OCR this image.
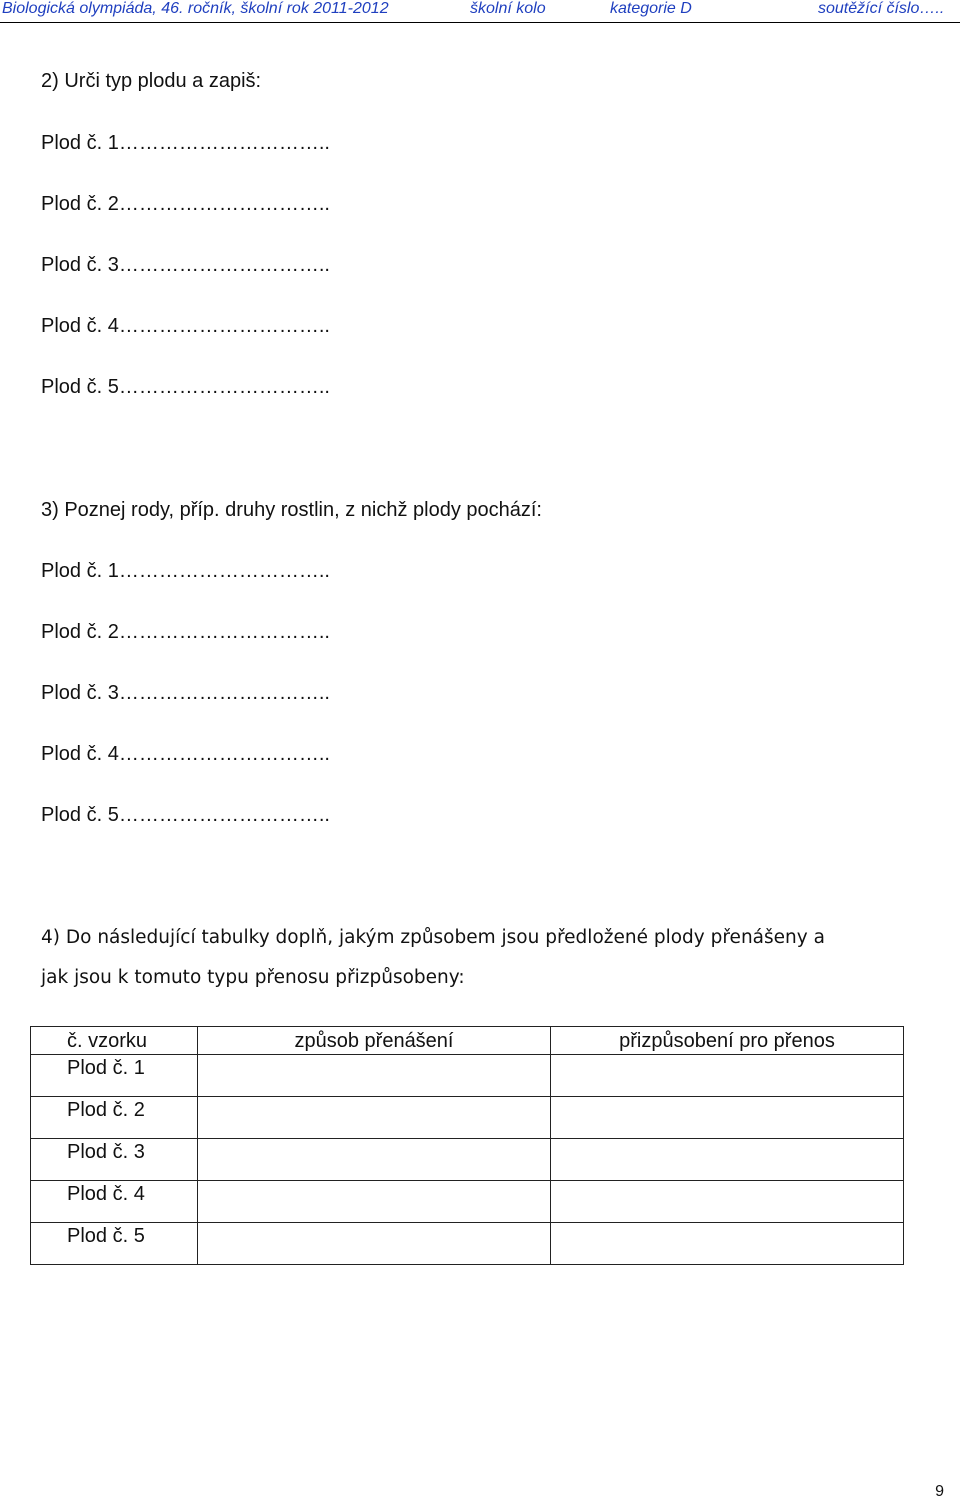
Biologická olympiáda, 46. ročník, školní rok 2011-2012	školní kolo	kategorie D	soutěžící číslo…..
2) Urči typ plodu a zapiš:
Plod č. 1…………………………..
Plod č. 2…………………………..
Plod č. 3…………………………..
Plod č. 4…………………………..
Plod č. 5…………………………..
3) Poznej rody, příp. druhy rostlin, z nichž plody pochází:
Plod č. 1…………………………..
Plod č. 2…………………………..
Plod č. 3…………………………..
Plod č. 4…………………………..
Plod č. 5…………………………..
4) Do následující tabulky doplň, jakým způsobem jsou předložené plody přenášeny a
jak jsou k tomuto typu přenosu přizpůsobeny:
č. vzorku	způsob přenášení	přizpůsobení pro přenos

Plod č. 1		

Plod č. 2		

Plod č. 3		

Plod č. 4		

Plod č. 5		

9
